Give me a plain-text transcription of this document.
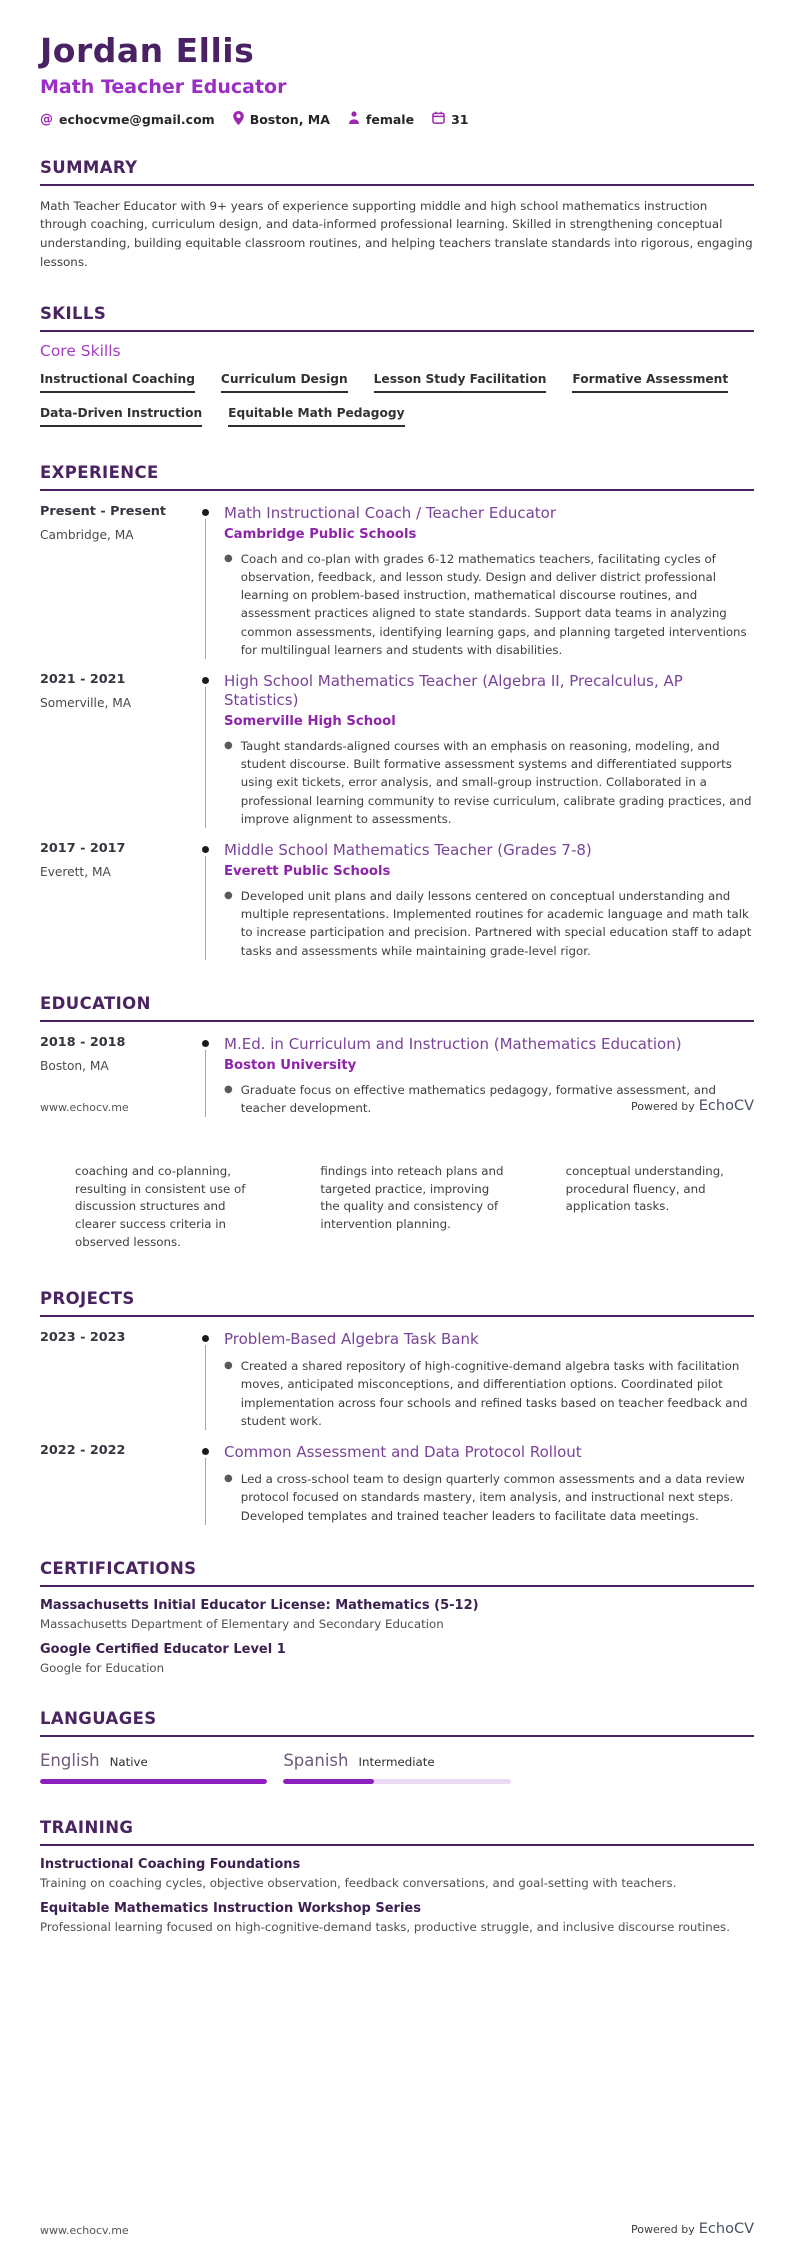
Jordan Ellis
Math Teacher Educator
@ echocvme@gmail.com	Boston, MA	female	31
SUMMARY
Math Teacher Educator with 9+ years of experience supporting middle and high school mathematics instruction through coaching, curriculum design, and data-informed professional learning. Skilled in strengthening conceptual understanding, building equitable classroom routines, and helping teachers translate standards into rigorous, engaging lessons.
SKILLS
Core Skills
Instructional Coaching Curriculum Design Lesson Study Facilitation Formative Assessment
Data-Driven Instruction Equitable Math Pedagogy
EXPERIENCE
Present - Present
Cambridge, MA
Math Instructional Coach / Teacher Educator
Cambridge Public Schools
● Coach and co-plan with grades 6-12 mathematics teachers, facilitating cycles of observation, feedback, and lesson study. Design and deliver district professional learning on problem-based instruction, mathematical discourse routines, and assessment practices aligned to state standards. Support data teams in analyzing common assessments, identifying learning gaps, and planning targeted interventions for multilingual learners and students with disabilities.
2021 - 2021
Somerville, MA
High School Mathematics Teacher (Algebra II, Precalculus, AP Statistics)
Somerville High School
● Taught standards-aligned courses with an emphasis on reasoning, modeling, and student discourse. Built formative assessment systems and differentiated supports using exit tickets, error analysis, and small-group instruction. Collaborated in a professional learning community to revise curriculum, calibrate grading practices, and improve alignment to assessments.
2017 - 2017
Everett, MA
Middle School Mathematics Teacher (Grades 7-8)
Everett Public Schools
● Developed unit plans and daily lessons centered on conceptual understanding and multiple representations. Implemented routines for academic language and math talk to increase participation and precision. Partnered with special education staff to adapt tasks and assessments while maintaining grade-level rigor.
EDUCATION
2018 - 2018
Boston, MA
M.Ed. in Curriculum and Instruction (Mathematics Education)
Boston University
● Graduate focus on effective mathematics pedagogy, formative assessment, and teacher development.
www.echocv.me	Powered by EchoCV
coaching and co-planning, resulting in consistent use of discussion structures and clearer success criteria in observed lessons.
findings into reteach plans and targeted practice, improving the quality and consistency of intervention planning.
conceptual understanding, procedural fluency, and application tasks.
PROJECTS
2023 - 2023	Problem-Based Algebra Task Bank
● Created a shared repository of high-cognitive-demand algebra tasks with facilitation moves, anticipated misconceptions, and differentiation options. Coordinated pilot implementation across four schools and refined tasks based on teacher feedback and student work.
2022 - 2022	Common Assessment and Data Protocol Rollout
● Led a cross-school team to design quarterly common assessments and a data review protocol focused on standards mastery, item analysis, and instructional next steps. Developed templates and trained teacher leaders to facilitate data meetings.
CERTIFICATIONS
Massachusetts Initial Educator License: Mathematics (5-12)
Massachusetts Department of Elementary and Secondary Education
Google Certified Educator Level 1
Google for Education
LANGUAGES
English Native	Spanish Intermediate
TRAINING
Instructional Coaching Foundations
Training on coaching cycles, objective observation, feedback conversations, and goal-setting with teachers.
Equitable Mathematics Instruction Workshop Series
Professional learning focused on high-cognitive-demand tasks, productive struggle, and inclusive discourse routines.
www.echocv.me	Powered by EchoCV
